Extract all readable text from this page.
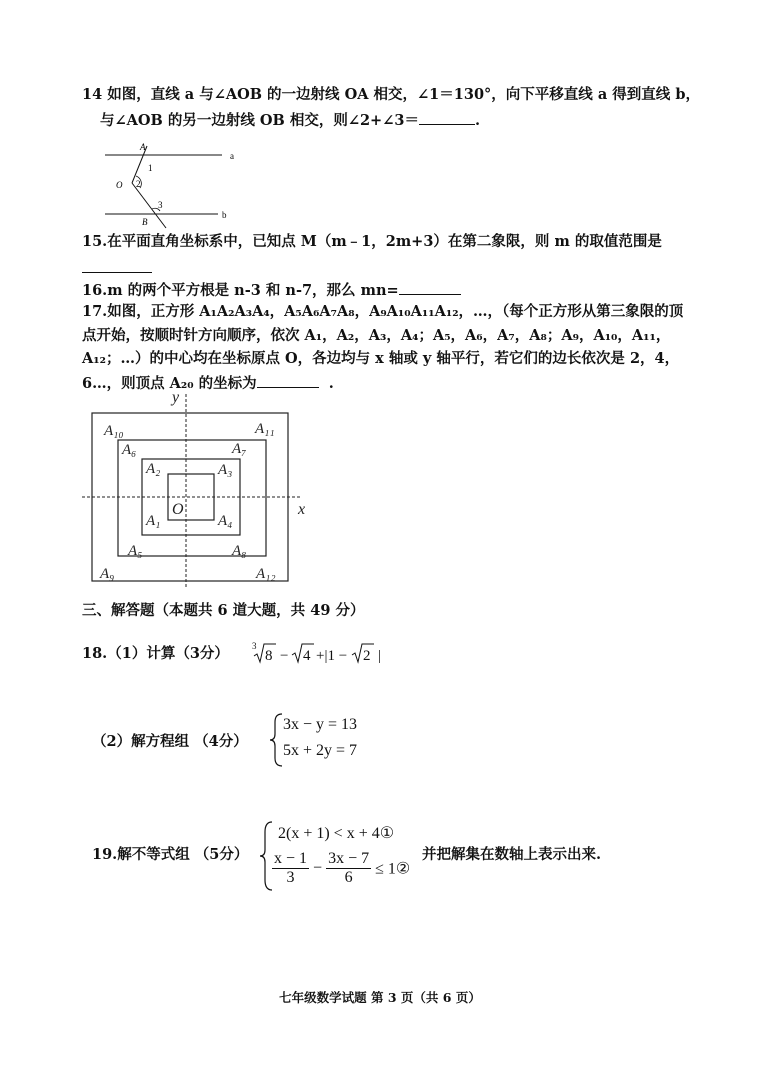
14 如图，直线 a 与∠AOB 的一边射线 OA 相交，∠1＝130°，向下平移直线 a 得到直线 b，
与∠AOB 的另一边射线 OB 相交，则∠2+∠3＝	.
A
1
O 2
3
B
a
b
15.在平面直角坐标系中，已知点 M（m﹣1，2m+3）在第二象限，则 m 的取值范围是
16.m 的两个平方根是 n-3 和 n-7，那么 mn=
17.如图，正方形 A₁A₂A₃A₄，A₅A₆A₇A₈，A₉A₁₀A₁₁A₁₂，…，（每个正方形从第三象限的顶
点开始，按顺时针方向顺序，依次 A₁，A₂，A₃，A₄；A₅，A₆，A₇，A₈；A₉，A₁₀，A₁₁，
A₁₂；…）的中心均在坐标原点 O，各边均与 x 轴或 y 轴平行，若它们的边长依次是 2，4，
6…，则顶点 A₂₀ 的坐标为	.
y
x
O
A₁₀	A₁₁
A₆	A₇
A₂	A₃
A₁	A₄
A₅	A₈
A₉	A₁₂
三、解答题（本题共 6 道大题，共 49 分）
18.（1）计算（3分）	3
8 − 4 +|1 − 2 |
（2）解方程组 （4分）
3x − y = 13
5x + 2y = 7
19.解不等式组 （5分）
2(x + 1) < x + 4①
$\frac{x - 1}{3} - \frac{3x - 7}{6}$ ≤ 1②
并把解集在数轴上表示出来.
七年级数学试题 第 3 页（共 6 页）
